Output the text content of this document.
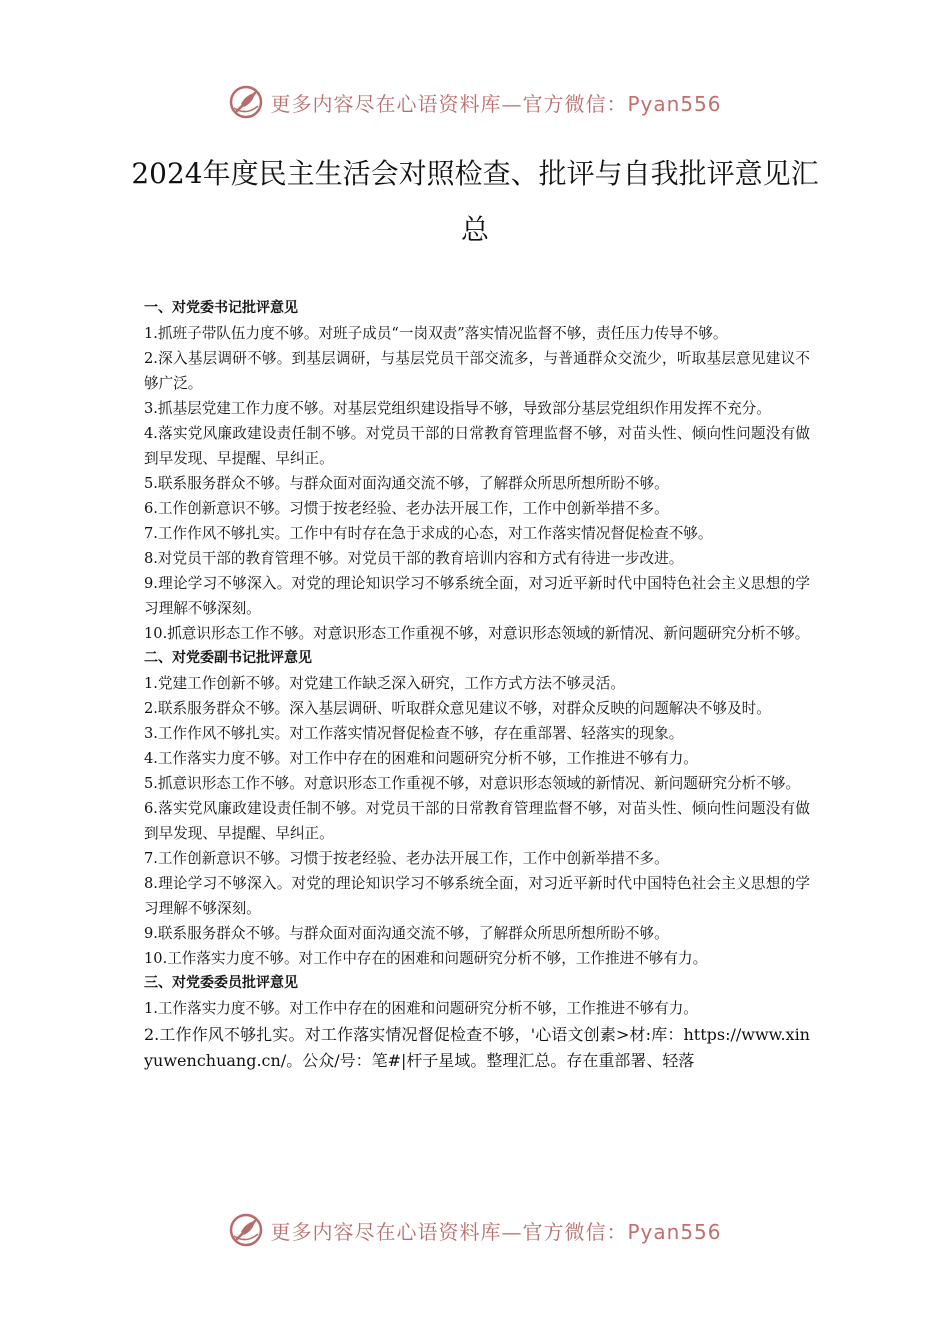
更多内容尽在心语资料库—官方微信：Pyan556
2024年度民主生活会对照检查、批评与自我批评意见汇总

一、对党委书记批评意见

1.抓班子带队伍力度不够。对班子成员“一岗双责”落实情况监督不够，责任压力传导不够。

2.深入基层调研不够。到基层调研，与基层党员干部交流多，与普通群众交流少，听取基层意见建议不够广泛。

3.抓基层党建工作力度不够。对基层党组织建设指导不够，导致部分基层党组织作用发挥不充分。

4.落实党风廉政建设责任制不够。对党员干部的日常教育管理监督不够，对苗头性、倾向性问题没有做到早发现、早提醒、早纠正。

5.联系服务群众不够。与群众面对面沟通交流不够，了解群众所思所想所盼不够。

6.工作创新意识不够。习惯于按老经验、老办法开展工作，工作中创新举措不多。

7.工作作风不够扎实。工作中有时存在急于求成的心态，对工作落实情况督促检查不够。

8.对党员干部的教育管理不够。对党员干部的教育培训内容和方式有待进一步改进。

9.理论学习不够深入。对党的理论知识学习不够系统全面，对习近平新时代中国特色社会主义思想的学习理解不够深刻。

10.抓意识形态工作不够。对意识形态工作重视不够，对意识形态领域的新情况、新问题研究分析不够。

二、对党委副书记批评意见

1.党建工作创新不够。对党建工作缺乏深入研究，工作方式方法不够灵活。

2.联系服务群众不够。深入基层调研、听取群众意见建议不够，对群众反映的问题解决不够及时。

3.工作作风不够扎实。对工作落实情况督促检查不够，存在重部署、轻落实的现象。

4.工作落实力度不够。对工作中存在的困难和问题研究分析不够，工作推进不够有力。

5.抓意识形态工作不够。对意识形态工作重视不够，对意识形态领域的新情况、新问题研究分析不够。

6.落实党风廉政建设责任制不够。对党员干部的日常教育管理监督不够，对苗头性、倾向性问题没有做到早发现、早提醒、早纠正。

7.工作创新意识不够。习惯于按老经验、老办法开展工作，工作中创新举措不多。

8.理论学习不够深入。对党的理论知识学习不够系统全面，对习近平新时代中国特色社会主义思想的学习理解不够深刻。

9.联系服务群众不够。与群众面对面沟通交流不够，了解群众所思所想所盼不够。

10.工作落实力度不够。对工作中存在的困难和问题研究分析不够，工作推进不够有力。

三、对党委委员批评意见

1.工作落实力度不够。对工作中存在的困难和问题研究分析不够，工作推进不够有力。

2.工作作风不够扎实。对工作落实情况督促检查不够，'心语文创素>材:库：https://www.xinyuwenchuang.cn/。公众/号：笔#|杆子星域。整理汇总。存在重部署、轻落

更多内容尽在心语资料库—官方微信：Pyan556
